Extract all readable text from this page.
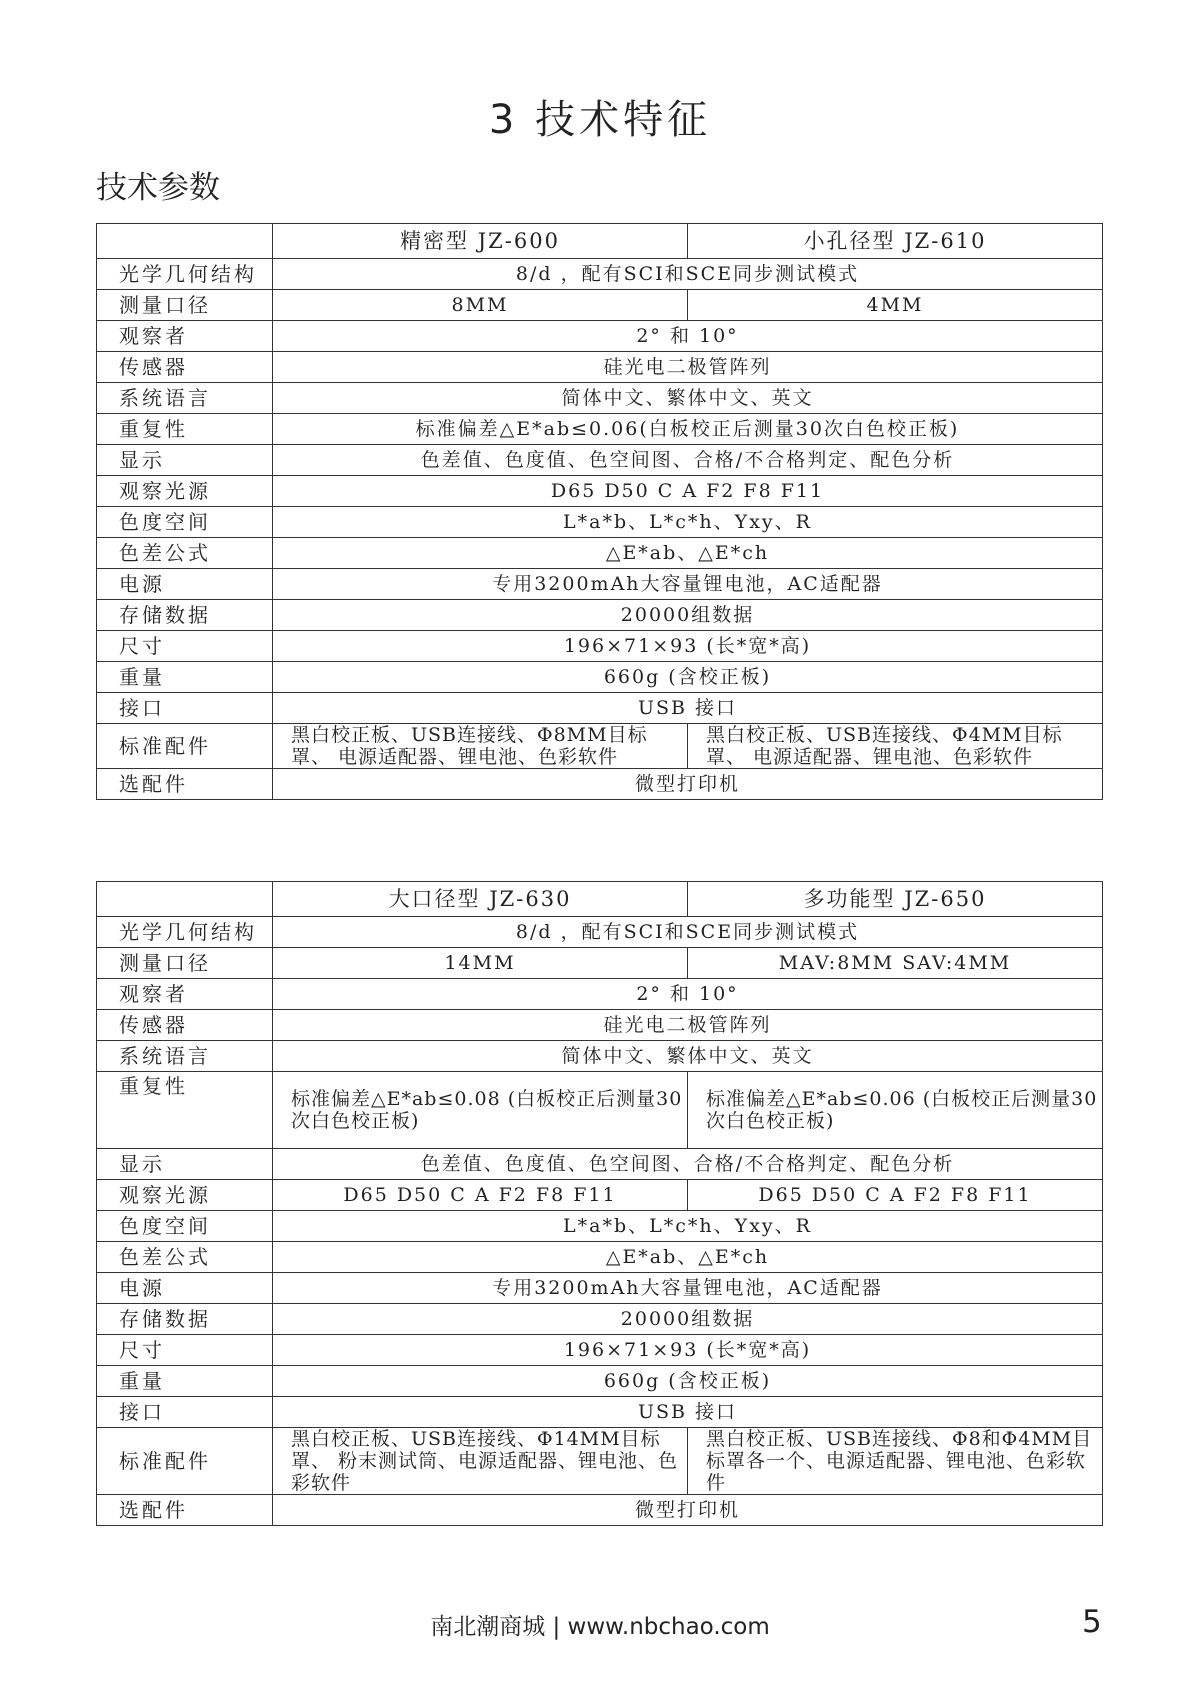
3 技术特征
技术参数
	精密型 JZ-600	小孔径型 JZ-610
光学几何结构	8/d ，配有SCI和SCE同步测试模式	
测量口径	8MM	4MM
观察者	2° 和 10°	
传感器	硅光电二极管阵列	
系统语言	简体中文、繁体中文、英文	
重复性	标准偏差△E*ab≤0.06(白板校正后测量30次白色校正板)	
显示	色差值、色度值、色空间图、合格/不合格判定、配色分析	
观察光源	D65 D50 C A F2 F8 F11	
色度空间	L*a*b、L*c*h、Yxy、R	
色差公式	△E*ab、△E*ch	
电源	专用3200mAh大容量锂电池，AC适配器	
存储数据	20000组数据	
尺寸	196×71×93 (长*宽*高)	
重量	660g (含校正板)	
接口	USB 接口	
标准配件	黑白校正板、USB连接线、Φ8MM目标罩、 电源适配器、锂电池、色彩软件	黑白校正板、USB连接线、Φ4MM目标罩、 电源适配器、锂电池、色彩软件
选配件	微型打印机	
	大口径型 JZ-630	多功能型 JZ-650
光学几何结构	8/d ，配有SCI和SCE同步测试模式	
测量口径	14MM	MAV:8MM SAV:4MM
观察者	2° 和 10°	
传感器	硅光电二极管阵列	
系统语言	简体中文、繁体中文、英文	
重复性	标准偏差△E*ab≤0.08 (白板校正后测量30次白色校正板)	标准偏差△E*ab≤0.06 (白板校正后测量30次白色校正板)
显示	色差值、色度值、色空间图、合格/不合格判定、配色分析	
观察光源	D65 D50 C A F2 F8 F11	D65 D50 C A F2 F8 F11
色度空间	L*a*b、L*c*h、Yxy、R	
色差公式	△E*ab、△E*ch	
电源	专用3200mAh大容量锂电池，AC适配器	
存储数据	20000组数据	
尺寸	196×71×93 (长*宽*高)	
重量	660g (含校正板)	
接口	USB 接口	
标准配件	黑白校正板、USB连接线、Φ14MM目标罩、 粉末测试筒、电源适配器、锂电池、色彩软件	黑白校正板、USB连接线、Φ8和Φ4MM目标罩各一个、电源适配器、锂电池、色彩软件
选配件	微型打印机	
南北潮商城 | www.nbchao.com	5
